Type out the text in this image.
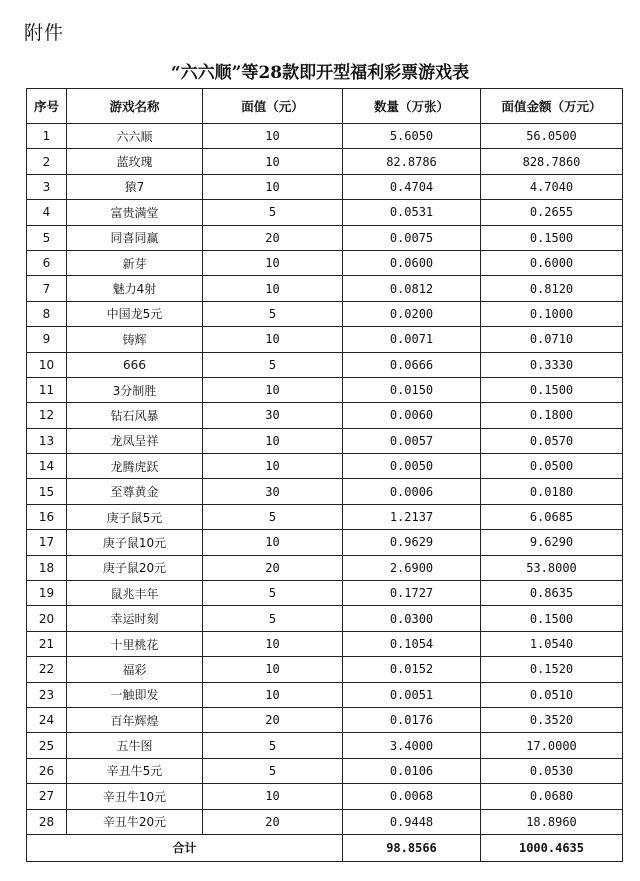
附件
“六六顺”等28款即开型福利彩票游戏表
序号	游戏名称	面值（元）	数量（万张）	面值金额（万元）
1	六六顺	10	5.6050	56.0500
2	蓝玫瑰	10	82.8786	828.7860
3	猿7	10	0.4704	4.7040
4	富贵满堂	5	0.0531	0.2655
5	同喜同赢	20	0.0075	0.1500
6	新芽	10	0.0600	0.6000
7	魅力4射	10	0.0812	0.8120
8	中国龙5元	5	0.0200	0.1000
9	铸辉	10	0.0071	0.0710
10	666	5	0.0666	0.3330
11	3分制胜	10	0.0150	0.1500
12	钻石风暴	30	0.0060	0.1800
13	龙凤呈祥	10	0.0057	0.0570
14	龙腾虎跃	10	0.0050	0.0500
15	至尊黄金	30	0.0006	0.0180
16	庚子鼠5元	5	1.2137	6.0685
17	庚子鼠10元	10	0.9629	9.6290
18	庚子鼠20元	20	2.6900	53.8000
19	鼠兆丰年	5	0.1727	0.8635
20	幸运时刻	5	0.0300	0.1500
21	十里桃花	10	0.1054	1.0540
22	福彩	10	0.0152	0.1520
23	一触即发	10	0.0051	0.0510
24	百年辉煌	20	0.0176	0.3520
25	五牛图	5	3.4000	17.0000
26	辛丑牛5元	5	0.0106	0.0530
27	辛丑牛10元	10	0.0068	0.0680
28	辛丑牛20元	20	0.9448	18.8960
合计			98.8566	1000.4635
